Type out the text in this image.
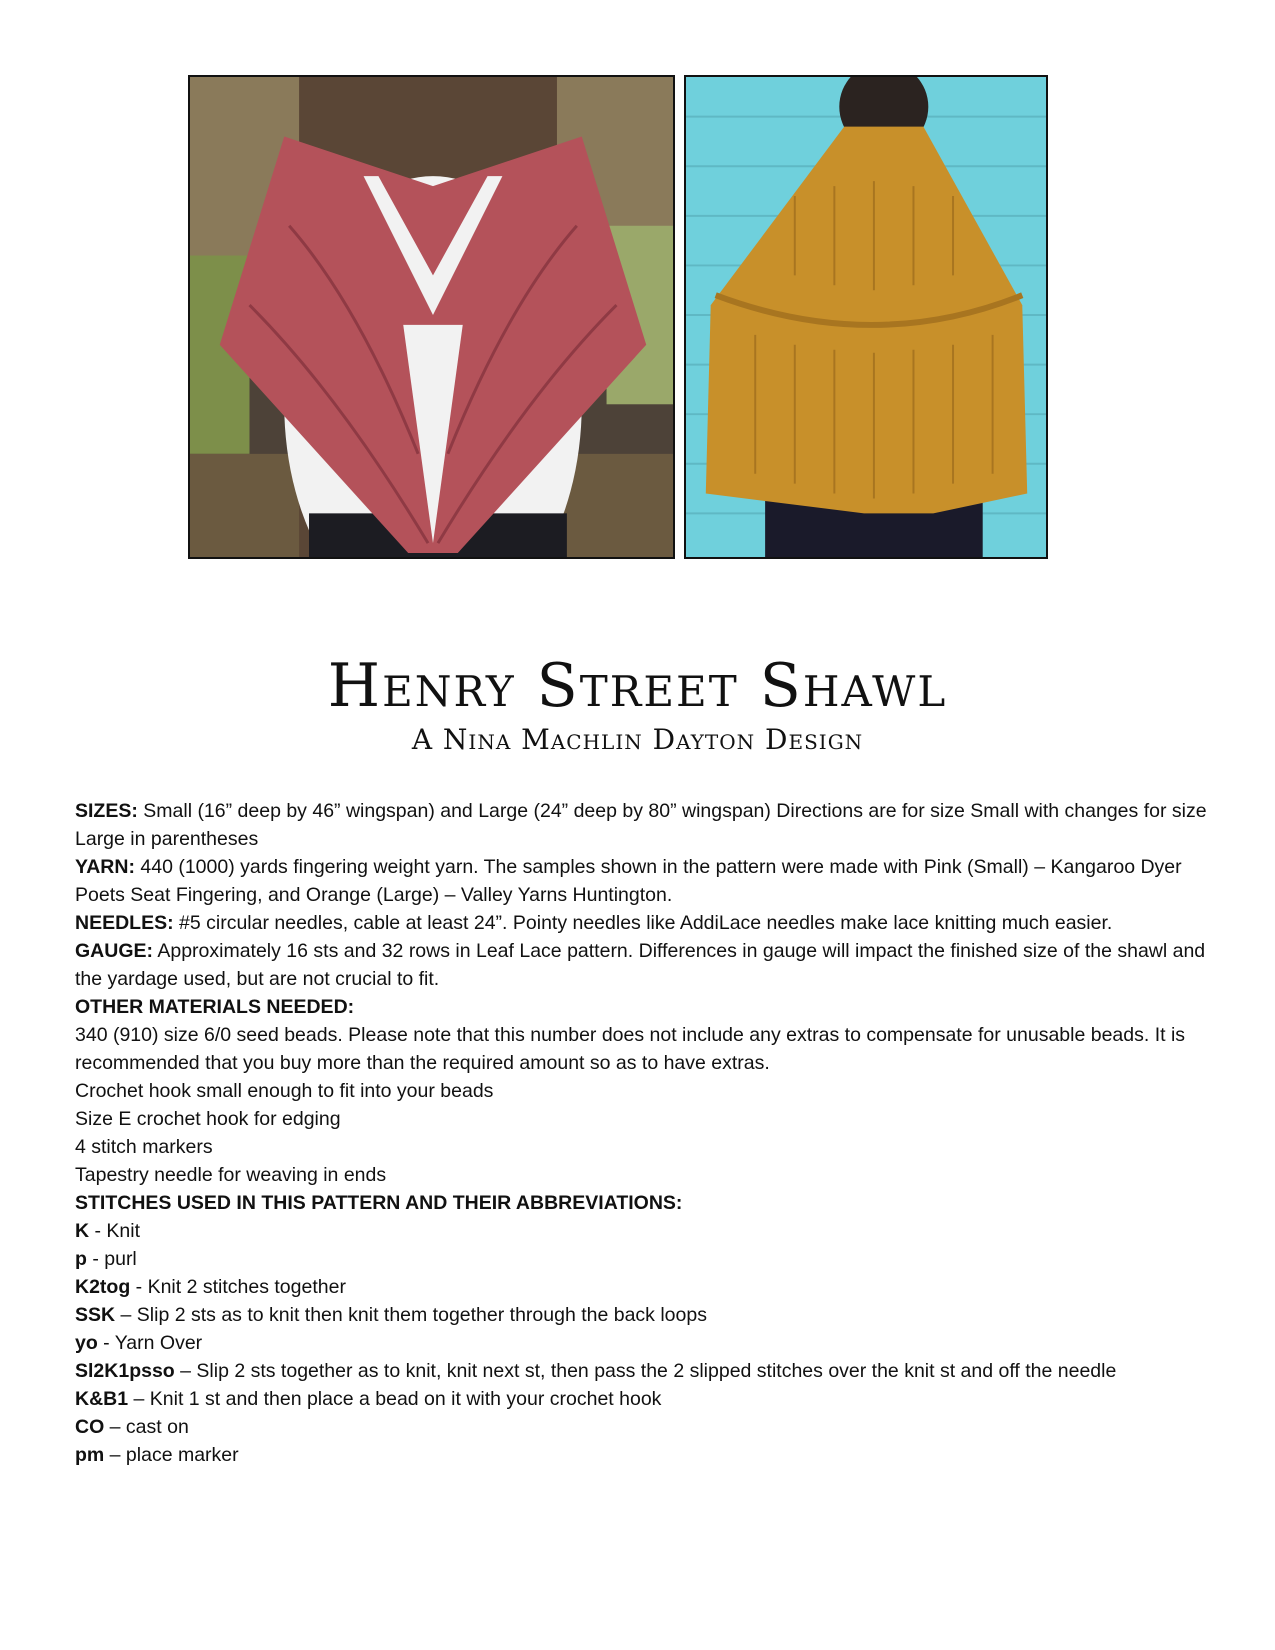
Henry Street Shawl

A Nina Machlin Dayton Design

SIZES: Small (16” deep by 46” wingspan) and Large (24” deep by 80” wingspan) Directions are for size Small with changes for size Large in parentheses

YARN: 440 (1000) yards fingering weight yarn. The samples shown in the pattern were made with Pink (Small) – Kangaroo Dyer Poets Seat Fingering, and Orange (Large) – Valley Yarns Huntington.

NEEDLES: #5 circular needles, cable at least 24”. Pointy needles like AddiLace needles make lace knitting much easier.

GAUGE: Approximately 16 sts and 32 rows in Leaf Lace pattern. Differences in gauge will impact the finished size of the shawl and the yardage used, but are not crucial to fit.

OTHER MATERIALS NEEDED:

340 (910) size 6/0 seed beads. Please note that this number does not include any extras to compensate for unusable beads. It is recommended that you buy more than the required amount so as to have extras.

Crochet hook small enough to fit into your beads

Size E crochet hook for edging

4 stitch markers

Tapestry needle for weaving in ends

STITCHES USED IN THIS PATTERN AND THEIR ABBREVIATIONS:

K - Knit

p - purl

K2tog - Knit 2 stitches together

SSK – Slip 2 sts as to knit then knit them together through the back loops

yo - Yarn Over

Sl2K1psso – Slip 2 sts together as to knit, knit next st, then pass the 2 slipped stitches over the knit st and off the needle

K&B1 – Knit 1 st and then place a bead on it with your crochet hook

CO – cast on

pm – place marker
